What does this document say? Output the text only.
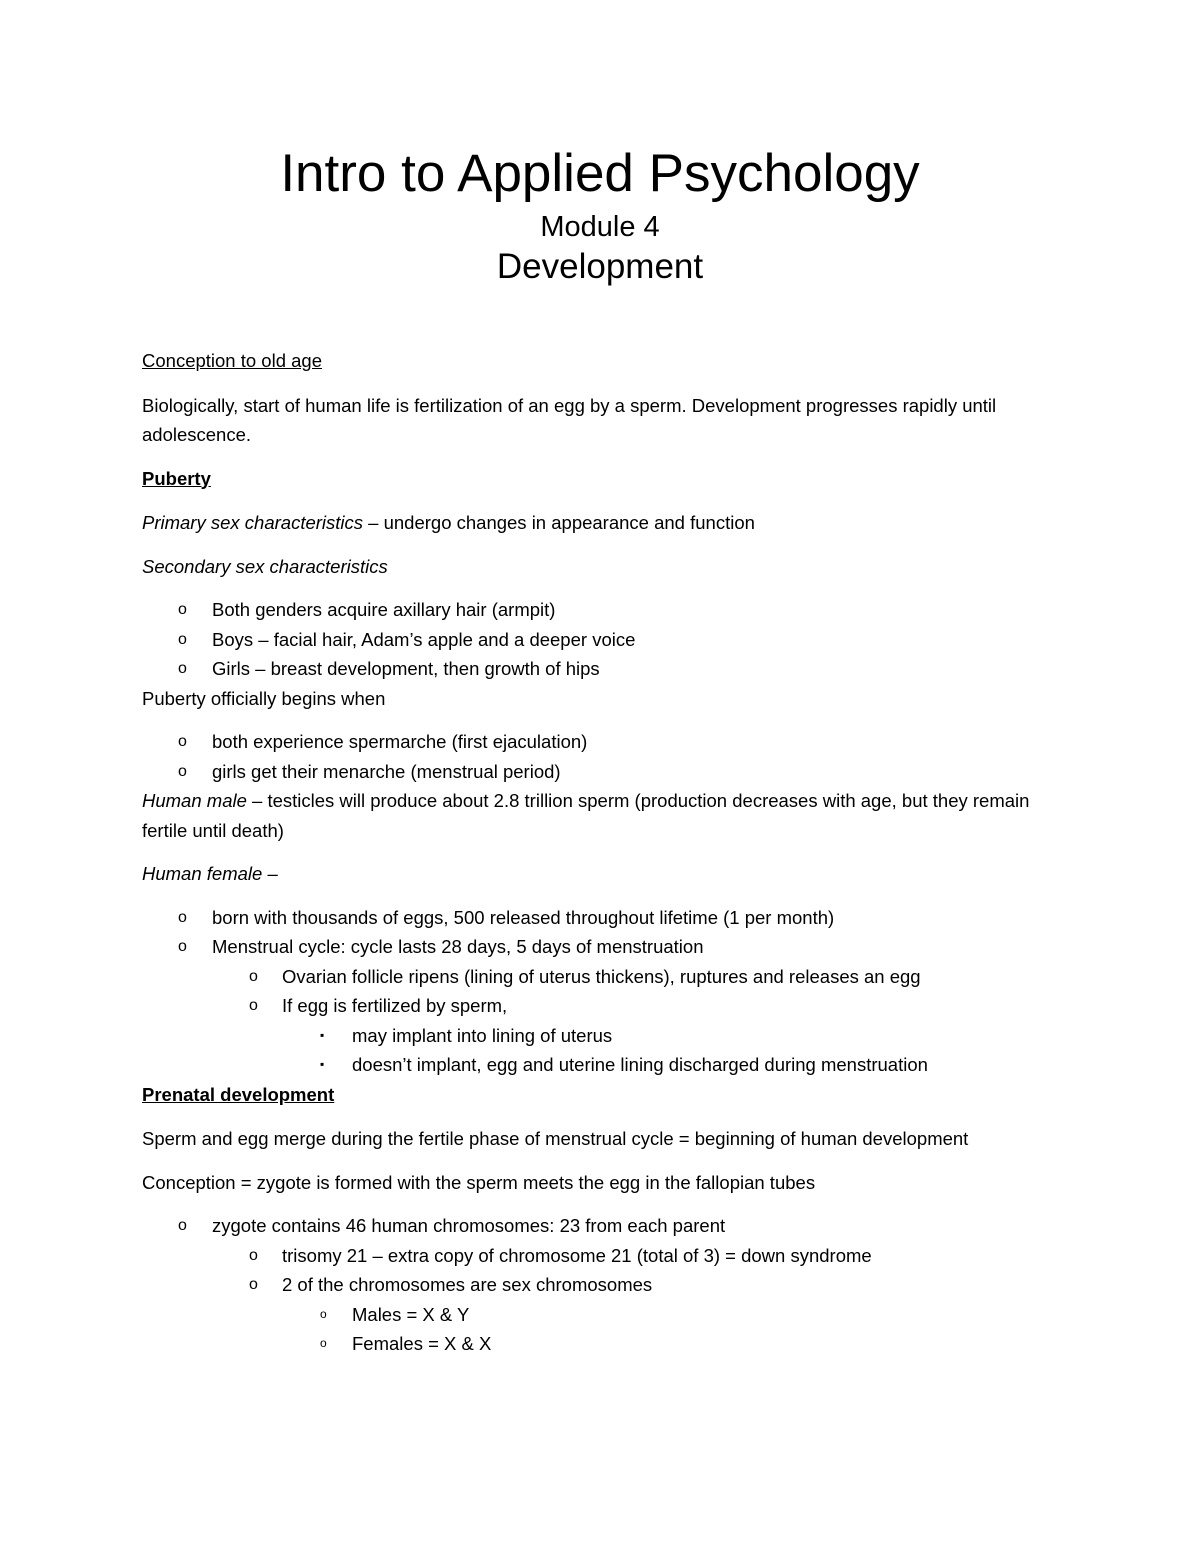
Intro to Applied Psychology
Module 4
Development
Conception to old age
Biologically, start of human life is fertilization of an egg by a sperm. Development progresses rapidly until adolescence.
Puberty
Primary sex characteristics – undergo changes in appearance and function
Secondary sex characteristics
o Both genders acquire axillary hair (armpit)
o Boys – facial hair, Adam’s apple and a deeper voice
o Girls – breast development, then growth of hips
Puberty officially begins when
o both experience spermarche (first ejaculation)
o girls get their menarche (menstrual period)
Human male – testicles will produce about 2.8 trillion sperm (production decreases with age, but they remain fertile until death)
Human female –
o born with thousands of eggs, 500 released throughout lifetime (1 per month)
o Menstrual cycle: cycle lasts 28 days, 5 days of menstruation
o Ovarian follicle ripens (lining of uterus thickens), ruptures and releases an egg
o If egg is fertilized by sperm,
▪ may implant into lining of uterus
▪ doesn’t implant, egg and uterine lining discharged during menstruation
Prenatal development
Sperm and egg merge during the fertile phase of menstrual cycle = beginning of human development
Conception = zygote is formed with the sperm meets the egg in the fallopian tubes
o zygote contains 46 human chromosomes: 23 from each parent
o trisomy 21 – extra copy of chromosome 21 (total of 3) = down syndrome
o 2 of the chromosomes are sex chromosomes
o Males = X & Y
o Females = X & X
